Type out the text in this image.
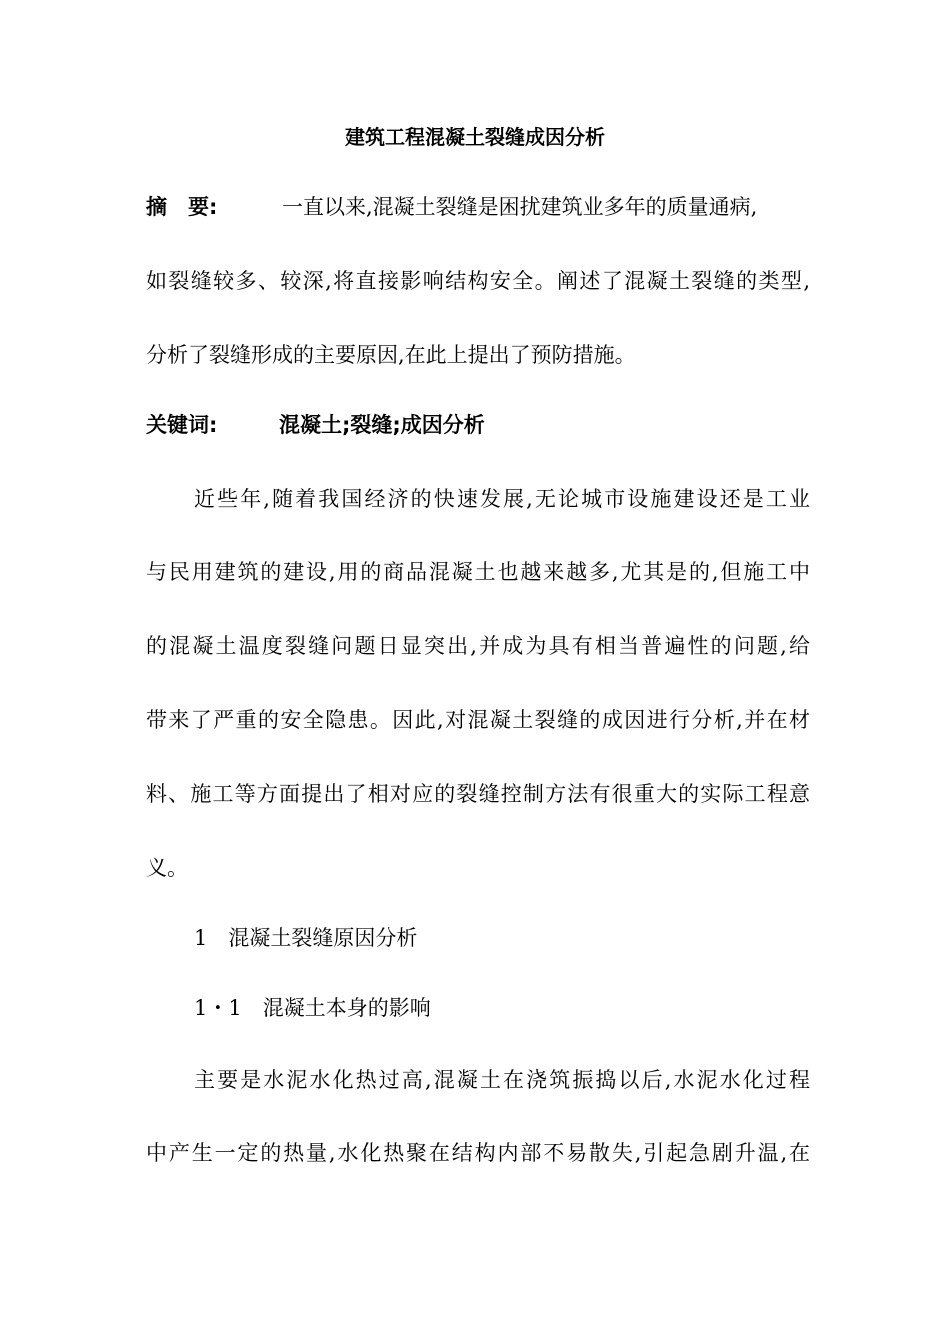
建筑工程混凝土裂缝成因分析
摘　要:	一直以来,混凝土裂缝是困扰建筑业多年的质量通病,
如裂缝较多、较深,将直接影响结构安全。阐述了混凝土裂缝的类型,
分析了裂缝形成的主要原因,在此上提出了预防措施。
关键词:	混凝土;裂缝;成因分析
近些年,随着我国经济的快速发展,无论城市设施建设还是工业
与民用建筑的建设,用的商品混凝土也越来越多,尤其是的,但施工中
的混凝土温度裂缝问题日显突出,并成为具有相当普遍性的问题,给
带来了严重的安全隐患。因此,对混凝土裂缝的成因进行分析,并在材
料、施工等方面提出了相对应的裂缝控制方法有很重大的实际工程意
义。
1　混凝土裂缝原因分析
1・1　混凝土本身的影响
主要是水泥水化热过高,混凝土在浇筑振捣以后,水泥水化过程
中产生一定的热量,水化热聚在结构内部不易散失,引起急剧升温,在
